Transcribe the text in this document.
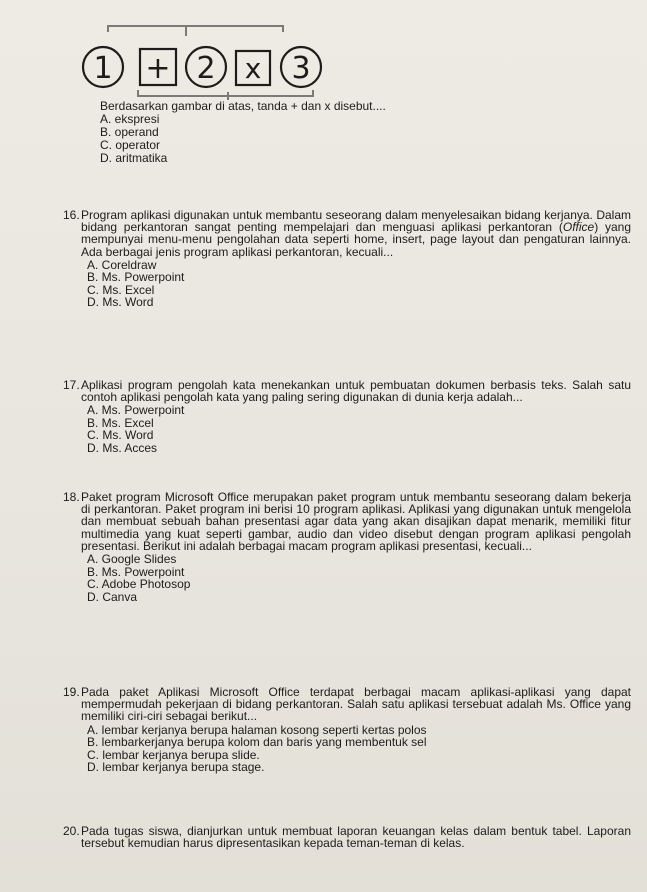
1 + 2 x 3
Berdasarkan gambar di atas, tanda + dan x disebut....
A. ekspresi
B. operand
C. operator
D. aritmatika
16. Program aplikasi digunakan untuk membantu seseorang dalam menyelesaikan bidang kerjanya. Dalam bidang perkantoran sangat penting mempelajari dan menguasi aplikasi perkantoran (Office) yang mempunyai menu-menu pengolahan data seperti home, insert, page layout dan pengaturan lainnya. Ada berbagai jenis program aplikasi perkantoran, kecuali...
A. Coreldraw
B. Ms. Powerpoint
C. Ms. Excel
D. Ms. Word
17. Aplikasi program pengolah kata menekankan untuk pembuatan dokumen berbasis teks. Salah satu contoh aplikasi pengolah kata yang paling sering digunakan di dunia kerja adalah...
A. Ms. Powerpoint
B. Ms. Excel
C. Ms. Word
D. Ms. Acces
18. Paket program Microsoft Office merupakan paket program untuk membantu seseorang dalam bekerja di perkantoran. Paket program ini berisi 10 program aplikasi. Aplikasi yang digunakan untuk mengelola dan membuat sebuah bahan presentasi agar data yang akan disajikan dapat menarik, memiliki fitur multimedia yang kuat seperti gambar, audio dan video disebut dengan program aplikasi pengolah presentasi. Berikut ini adalah berbagai macam program aplikasi presentasi, kecuali...
A. Google Slides
B. Ms. Powerpoint
C. Adobe Photosop
D. Canva
19. Pada paket Aplikasi Microsoft Office terdapat berbagai macam aplikasi-aplikasi yang dapat mempermudah pekerjaan di bidang perkantoran. Salah satu aplikasi tersebuat adalah Ms. Office yang memiliki ciri-ciri sebagai berikut...
A. lembar kerjanya berupa halaman kosong seperti kertas polos
B. lembarkerjanya berupa kolom dan baris yang membentuk sel
C. lembar kerjanya berupa slide.
D. lembar kerjanya berupa stage.
20. Pada tugas siswa, dianjurkan untuk membuat laporan keuangan kelas dalam bentuk tabel. Laporan tersebut kemudian harus dipresentasikan kepada teman-teman di kelas.
